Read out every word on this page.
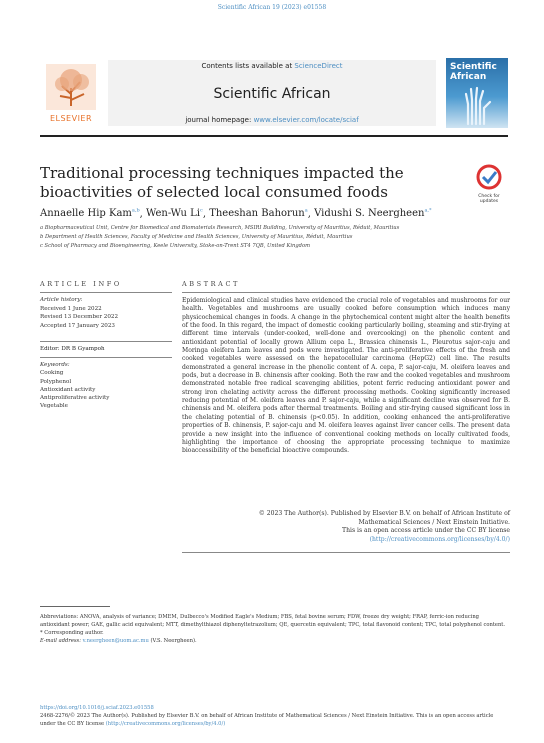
Scientific African 19 (2023) e01558
ELSEVIER
Contents lists available at ScienceDirect
Scientific African
journal homepage: www.elsevier.com/locate/sciaf
Scientific
African
Traditional processing techniques impacted the bioactivities of selected local consumed foods	Check for
updates
Annaelle Hip Kam$^{a,b}$, Wen-Wu Li$^c$, Theeshan Bahorun$^a$, Vidushi S. Neergheen$^{a,*}$
a Biopharmaceutical Unit, Centre for Biomedical and Biomaterials Research, MSIRI Building, University of Mauritius, Réduit, Mauritius
b Department of Health Sciences, Faculty of Medicine and Health Sciences, University of Mauritius, Réduit, Mauritius
c School of Pharmacy and Bioengineering, Keele University, Stoke-on-Trent ST4 7QB, United Kingdom
ARTICLE INFO	ABSTRACT
Article history:
Received 1 June 2022
Revised 13 December 2022
Accepted 17 January 2023
Editor: DR B Gyampoh
Keywords:
Cooking
Polyphenol
Antioxidant activity
Antiproliferative activity
Vegetable

Epidemiological and clinical studies have evidenced the crucial role of vegetables and mushrooms for our health. Vegetables and mushrooms are usually cooked before consumption which induces many physicochemical changes in foods. A change in the phytochemical content might alter the health benefits of the food. In this regard, the impact of domestic cooking particularly boiling, steaming and stir-frying at different time intervals (under-cooked, well-done and overcooking) on the phenolic content and antioxidant potential of locally grown Allium cepa L., Brassica chinensis L., Pleurotus sajor-caju and Moringa oleifera Lam leaves and pods were investigated. The anti-proliferative effects of the fresh and cooked vegetables were assessed on the hepatocellular carcinoma (HepG2) cell line. The results demonstrated a general increase in the phenolic content of A. cepa, P. sajor-caju, M. oleifera leaves and pods, but a decrease in B. chinensis after cooking. Both the raw and the cooked vegetables and mushroom demonstrated notable free radical scavenging abilities, potent ferric reducing antioxidant power and strong iron chelating activity across the different processing methods. Cooking significantly increased reducing potential of M. oleifera leaves and P. sajor-caju, while a significant decline was observed for B. chinensis and M. oleifera pods after thermal treatments. Boiling and stir-frying caused significant loss in the chelating potential of B. chinensis (p<0.05). In addition, cooking enhanced the anti-proliferative properties of B. chinensis, P. sajor-caju and M. oleifera leaves against liver cancer cells. The present data provide a new insight into the influence of conventional cooking methods on locally cultivated foods, highlighting the importance of choosing the appropriate processing technique to maximize bioaccessibility of the beneficial bioactive compounds.

© 2023 The Author(s). Published by Elsevier B.V. on behalf of African Institute of
Mathematical Sciences / Next Einstein Initiative.
This is an open access article under the CC BY license
(http://creativecommons.org/licenses/by/4.0/)
Abbreviations: ANOVA, analysis of variance; DMEM, Dulbecco's Modified Eagle's Medium; FBS, fetal bovine serum; FDW, freeze dry weight; FRAP, ferric-ion reducing antioxidant power; GAE, gallic acid equivalent; MTT, dimethylthiazol diphenyltetrazolium; QE, quercetin equivalent; TPC, total flavonoid content; TPC, total polyphenol content.
* Corresponding author.
E-mail address: v.neergheen@uom.ac.mu (V.S. Neergheen).
https://doi.org/10.1016/j.sciaf.2023.e01558
2468-2276/© 2023 The Author(s). Published by Elsevier B.V. on behalf of African Institute of Mathematical Sciences / Next Einstein Initiative. This is an open access article under the CC BY license (http://creativecommons.org/licenses/by/4.0/)
